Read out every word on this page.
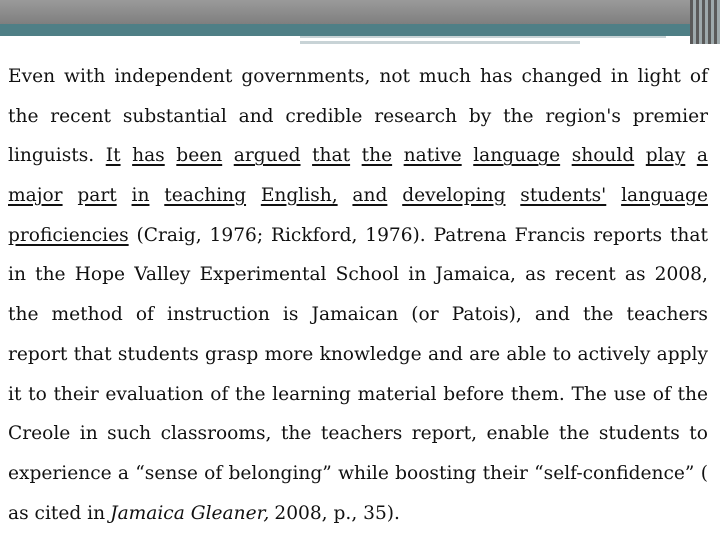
Even with independent governments, not much has changed in light of
the recent substantial and credible research by the region's premier
linguists. It has been argued that the native language should play a
major part in teaching English, and developing students' language
proficiencies (Craig, 1976; Rickford, 1976). Patrena Francis reports that
in the Hope Valley Experimental School in Jamaica, as recent as 2008,
the method of instruction is Jamaican (or Patois), and the teachers
report that students grasp more knowledge and are able to actively apply
it to their evaluation of the learning material before them. The use of the
Creole in such classrooms, the teachers report, enable the students to
experience a “sense of belonging” while boosting their “self-confidence” (
as cited in Jamaica Gleaner, 2008, p., 35).
